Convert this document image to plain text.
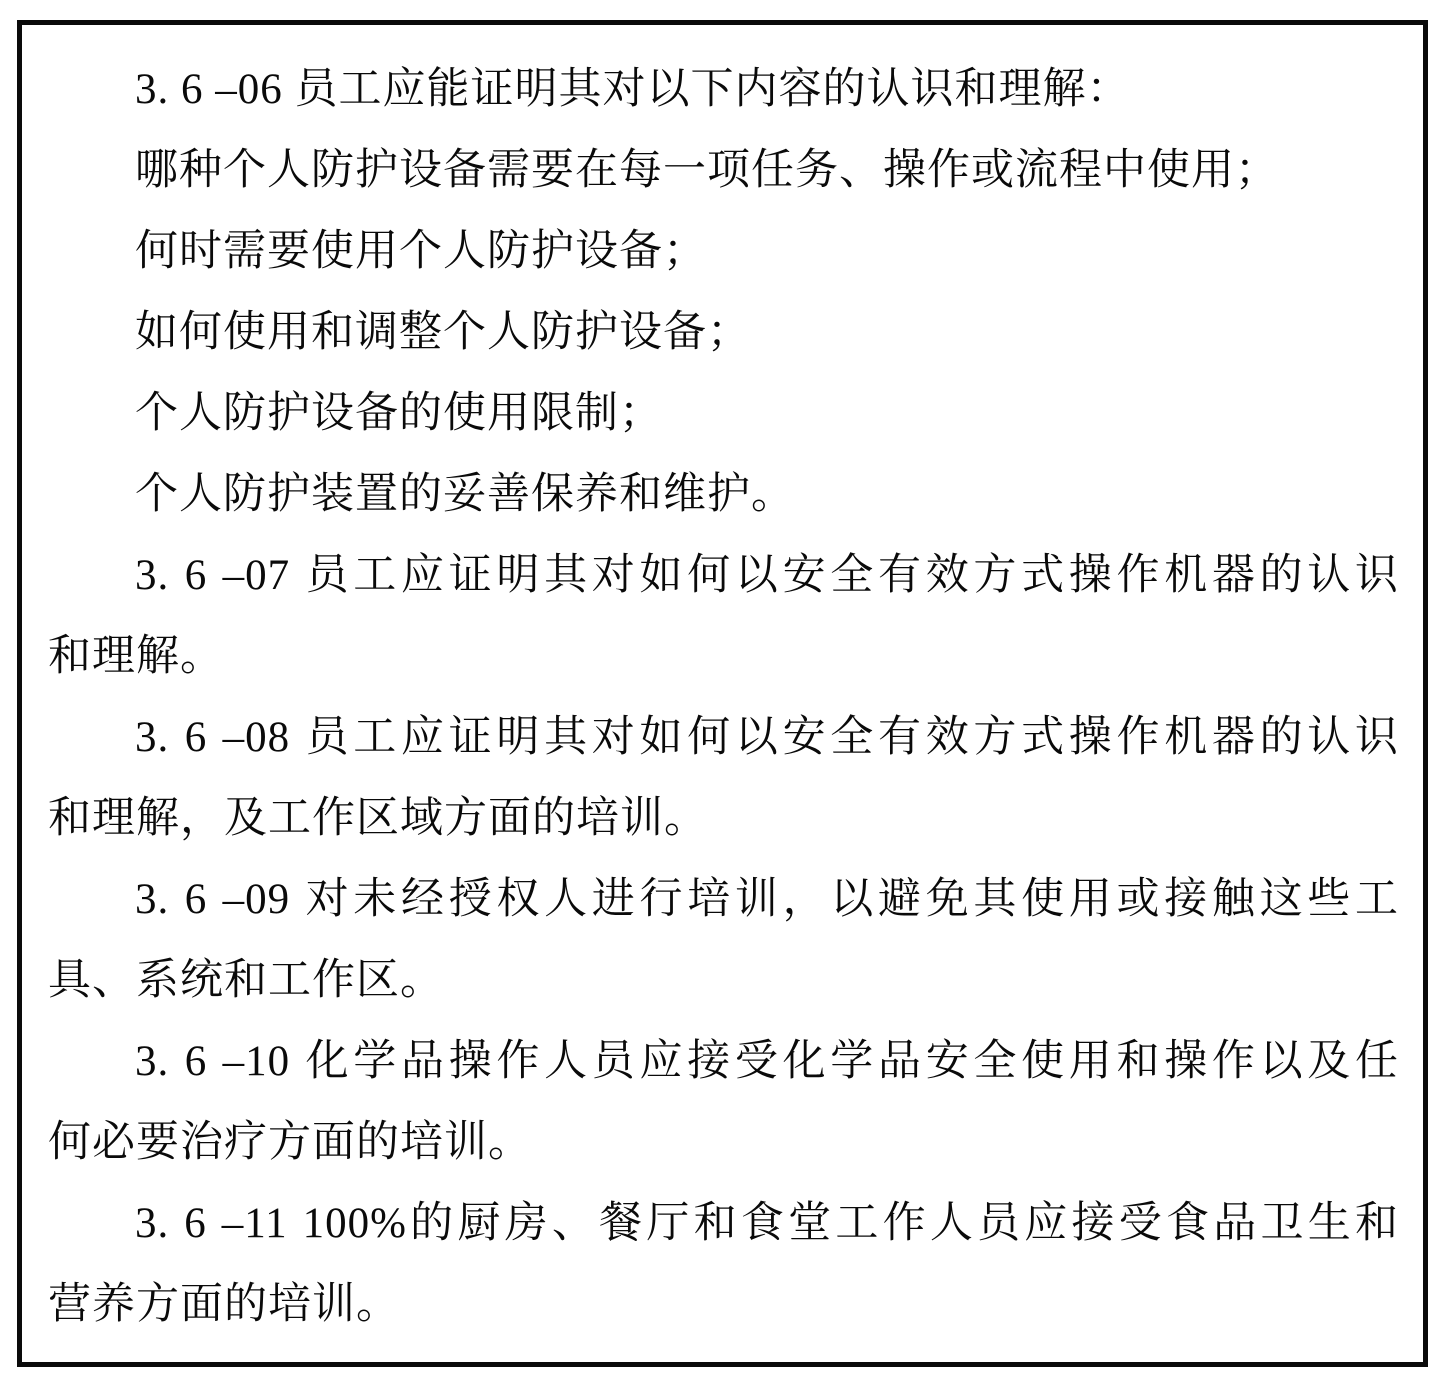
3. 6 –06 员工应能证明其对以下内容的认识和理解：
哪种个人防护设备需要在每一项任务、操作或流程中使用；
何时需要使用个人防护设备；
如何使用和调整个人防护设备；
个人防护设备的使用限制；
个人防护装置的妥善保养和维护。
3. 6 –07 员工应证明其对如何以安全有效方式操作机器的认识
和理解。
3. 6 –08 员工应证明其对如何以安全有效方式操作机器的认识
和理解，及工作区域方面的培训。
3. 6 –09 对未经授权人进行培训，以避免其使用或接触这些工
具、系统和工作区。
3. 6 –10 化学品操作人员应接受化学品安全使用和操作以及任
何必要治疗方面的培训。
3. 6 –11 100%的厨房、餐厅和食堂工作人员应接受食品卫生和
营养方面的培训。
